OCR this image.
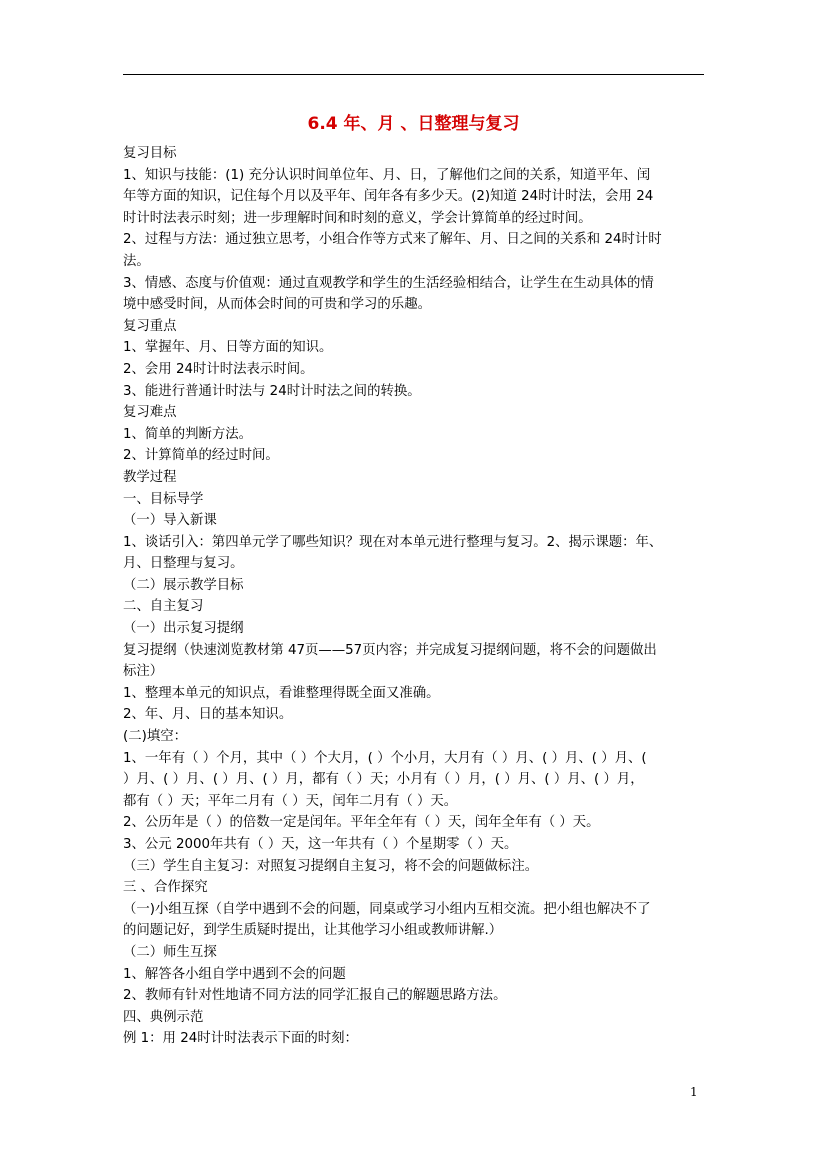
6.4 年、月 、日整理与复习
复习目标
1、知识与技能：(1) 充分认识时间单位年、月、日，了解他们之间的关系，知道平年、闰
年等方面的知识，记住每个月以及平年、闰年各有多少天。(2)知道 24时计时法，会用 24
时计时法表示时刻；进一步理解时间和时刻的意义，学会计算简单的经过时间。
2、过程与方法：通过独立思考，小组合作等方式来了解年、月、日之间的关系和 24时计时
法。
3、情感、态度与价值观：通过直观教学和学生的生活经验相结合，让学生在生动具体的情
境中感受时间，从而体会时间的可贵和学习的乐趣。
复习重点
1、掌握年、月、日等方面的知识。
2、会用 24时计时法表示时间。
3、能进行普通计时法与 24时计时法之间的转换。
复习难点
1、简单的判断方法。
2、计算简单的经过时间。
教学过程
一、目标导学
（一）导入新课
1、谈话引入：第四单元学了哪些知识？现在对本单元进行整理与复习。2、揭示课题：年、
月、日整理与复习。
（二）展示教学目标
二、自主复习
（一）出示复习提纲
复习提纲（快速浏览教材第 47页——57页内容；并完成复习提纲问题，将不会的问题做出
标注）
1、整理本单元的知识点，看谁整理得既全面又准确。
2、年、月、日的基本知识。
(二)填空：
1、一年有（ ）个月，其中（ ）个大月，( ）个小月，大月有（ ）月、( ）月、( ）月、(
）月、( ）月、( ）月、( ）月，都有（ ）天；小月有（ ）月，( ）月、( ）月、( ）月，
都有（ ）天；平年二月有（ ）天，闰年二月有（ ）天。
2、公历年是（ ）的倍数一定是闰年。平年全年有（ ）天，闰年全年有（ ）天。
3、公元 2000年共有（ ）天，这一年共有（ ）个星期零（ ）天。
（三）学生自主复习：对照复习提纲自主复习，将不会的问题做标注。
三 、合作探究
（一)小组互探（自学中遇到不会的问题，同桌或学习小组内互相交流。把小组也解决不了
的问题记好，到学生质疑时提出，让其他学习小组或教师讲解.）
（二）师生互探
1、解答各小组自学中遇到不会的问题
2、教师有针对性地请不同方法的同学汇报自己的解题思路方法。
四、典例示范
例 1：用 24时计时法表示下面的时刻：
1
